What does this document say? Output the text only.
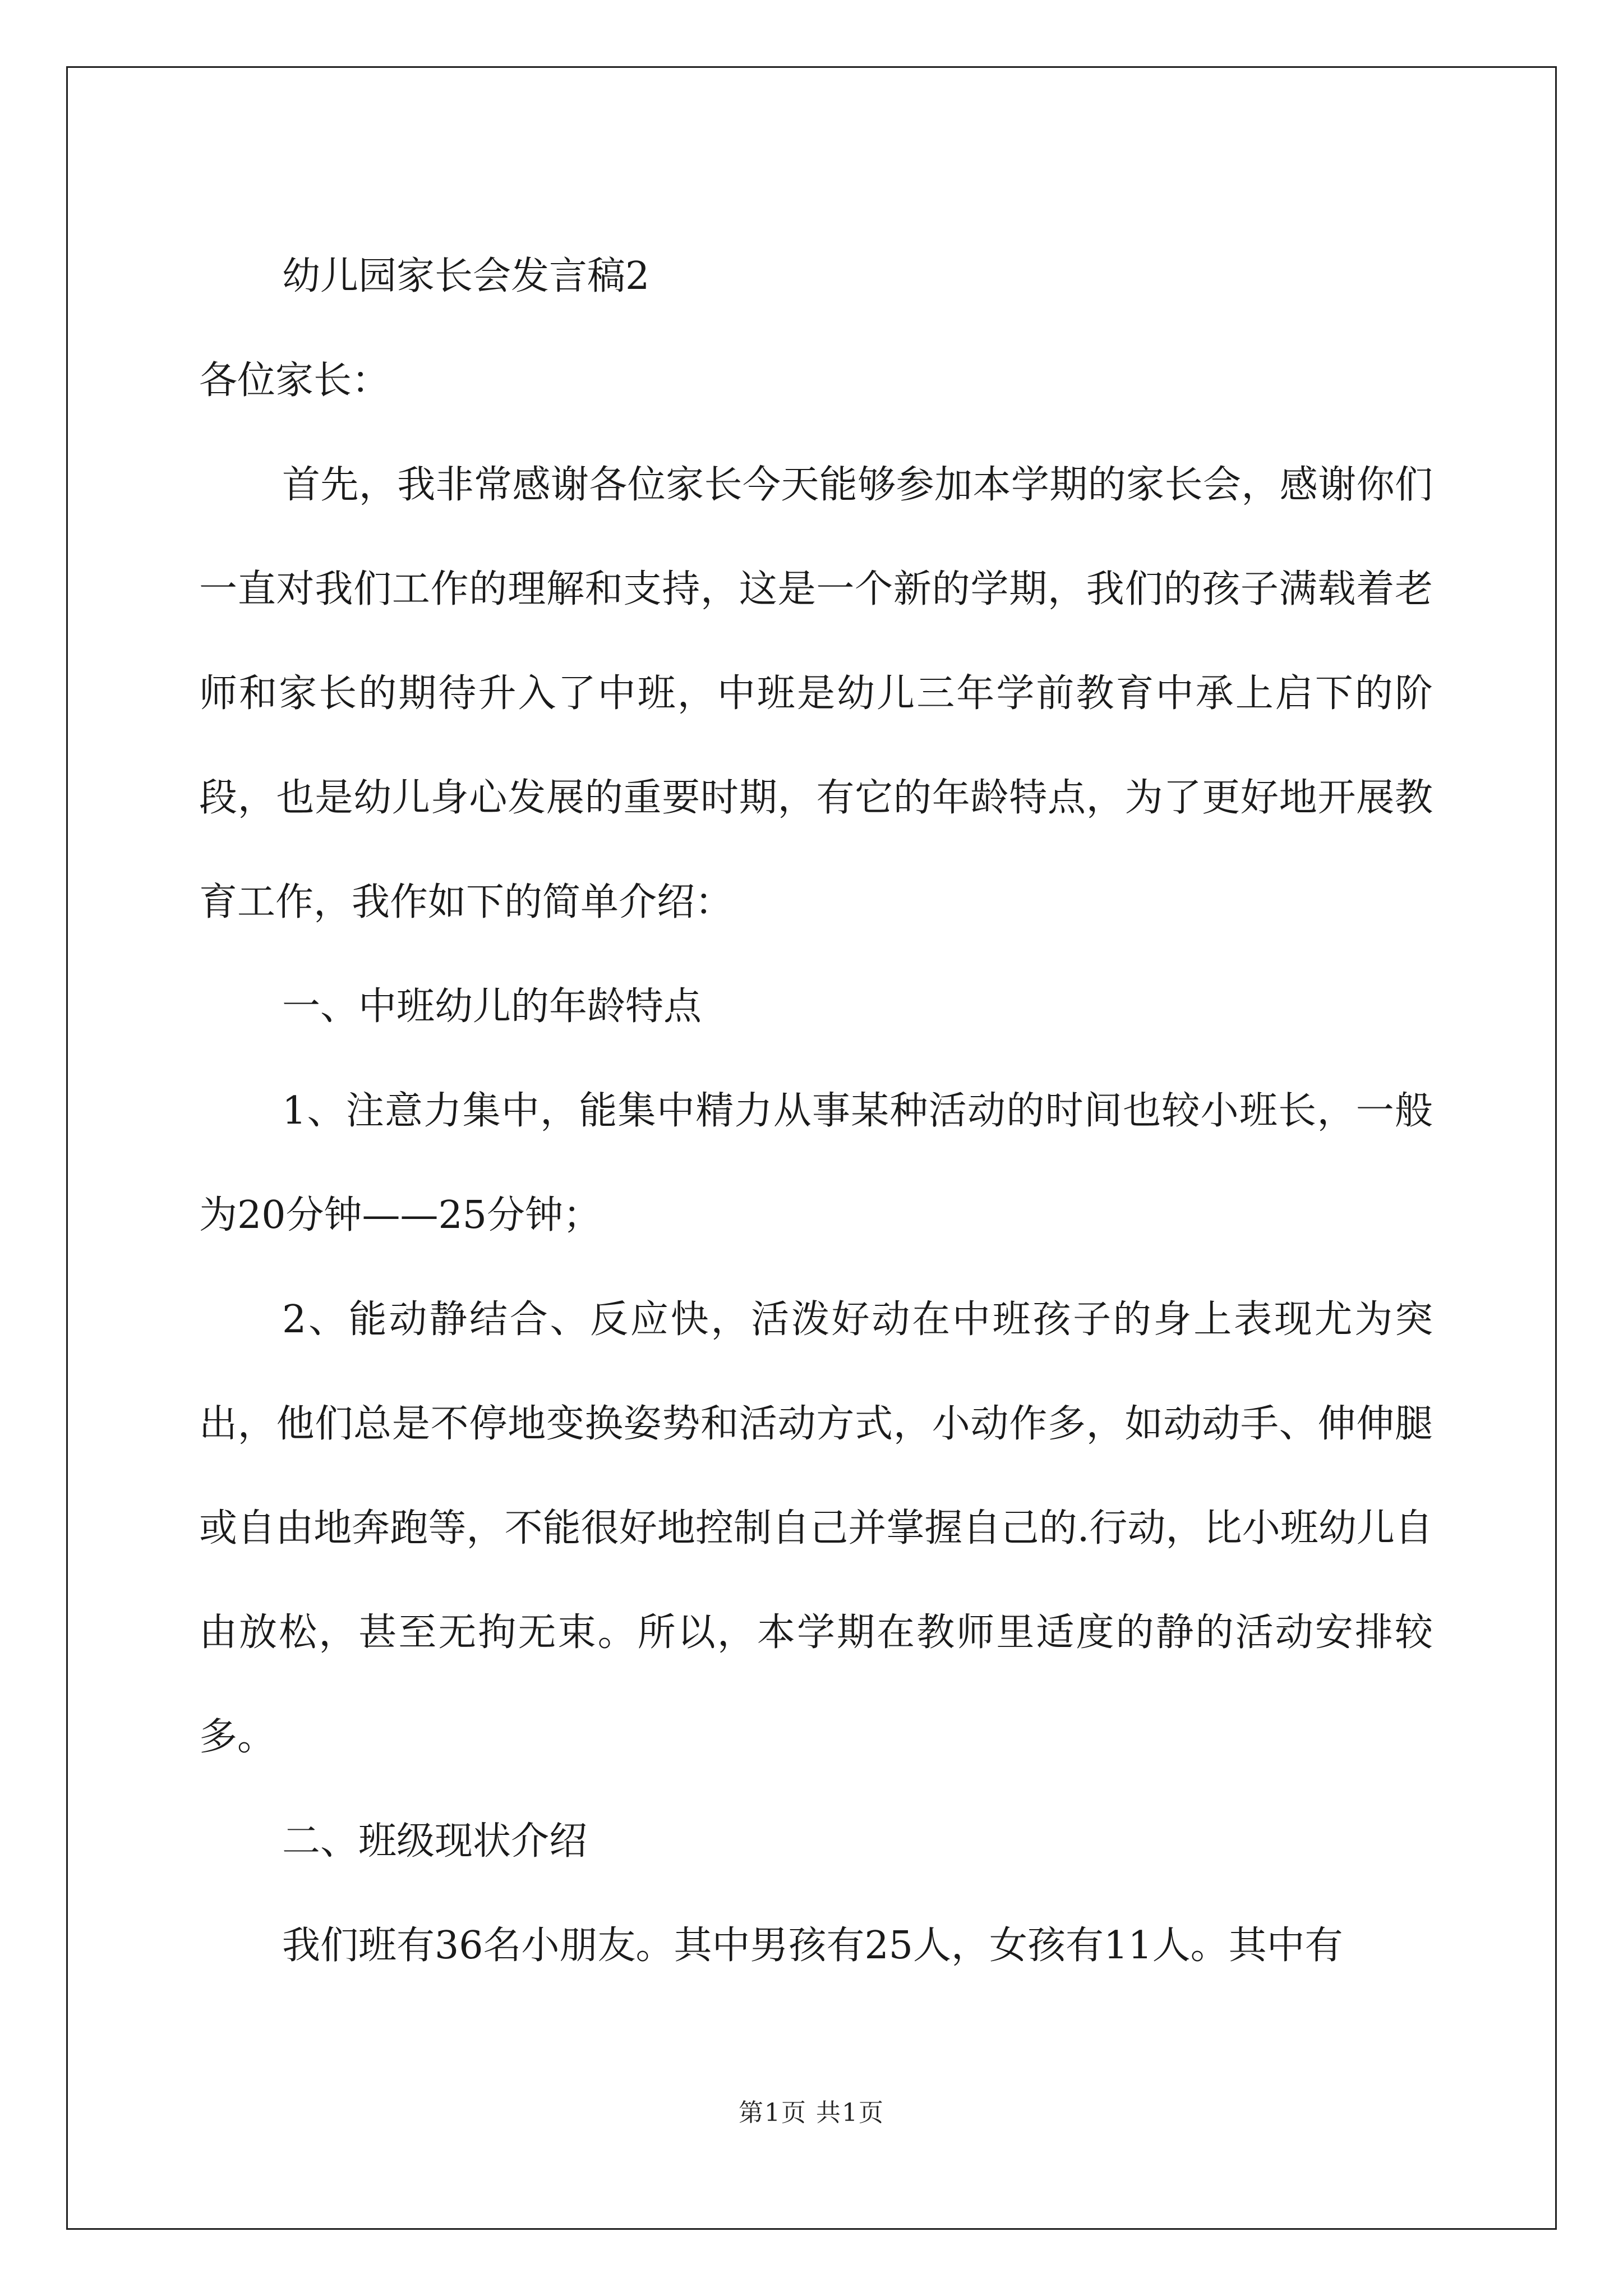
幼儿园家长会发言稿2

各位家长：

首先，我非常感谢各位家长今天能够参加本学期的家长会，感谢你们一直对我们工作的理解和支持，这是一个新的学期，我们的孩子满载着老师和家长的期待升入了中班，中班是幼儿三年学前教育中承上启下的阶段，也是幼儿身心发展的重要时期，有它的年龄特点，为了更好地开展教育工作，我作如下的简单介绍：

一、中班幼儿的年龄特点

1、注意力集中，能集中精力从事某种活动的时间也较小班长，一般为20分钟——25分钟；

2、能动静结合、反应快，活泼好动在中班孩子的身上表现尤为突出，他们总是不停地变换姿势和活动方式，小动作多，如动动手、伸伸腿或自由地奔跑等，不能很好地控制自己并掌握自己的.行动，比小班幼儿自由放松，甚至无拘无束。所以，本学期在教师里适度的静的活动安排较多。

二、班级现状介绍

我们班有36名小朋友。其中男孩有25人，女孩有11人。其中有

第1页 共1页
